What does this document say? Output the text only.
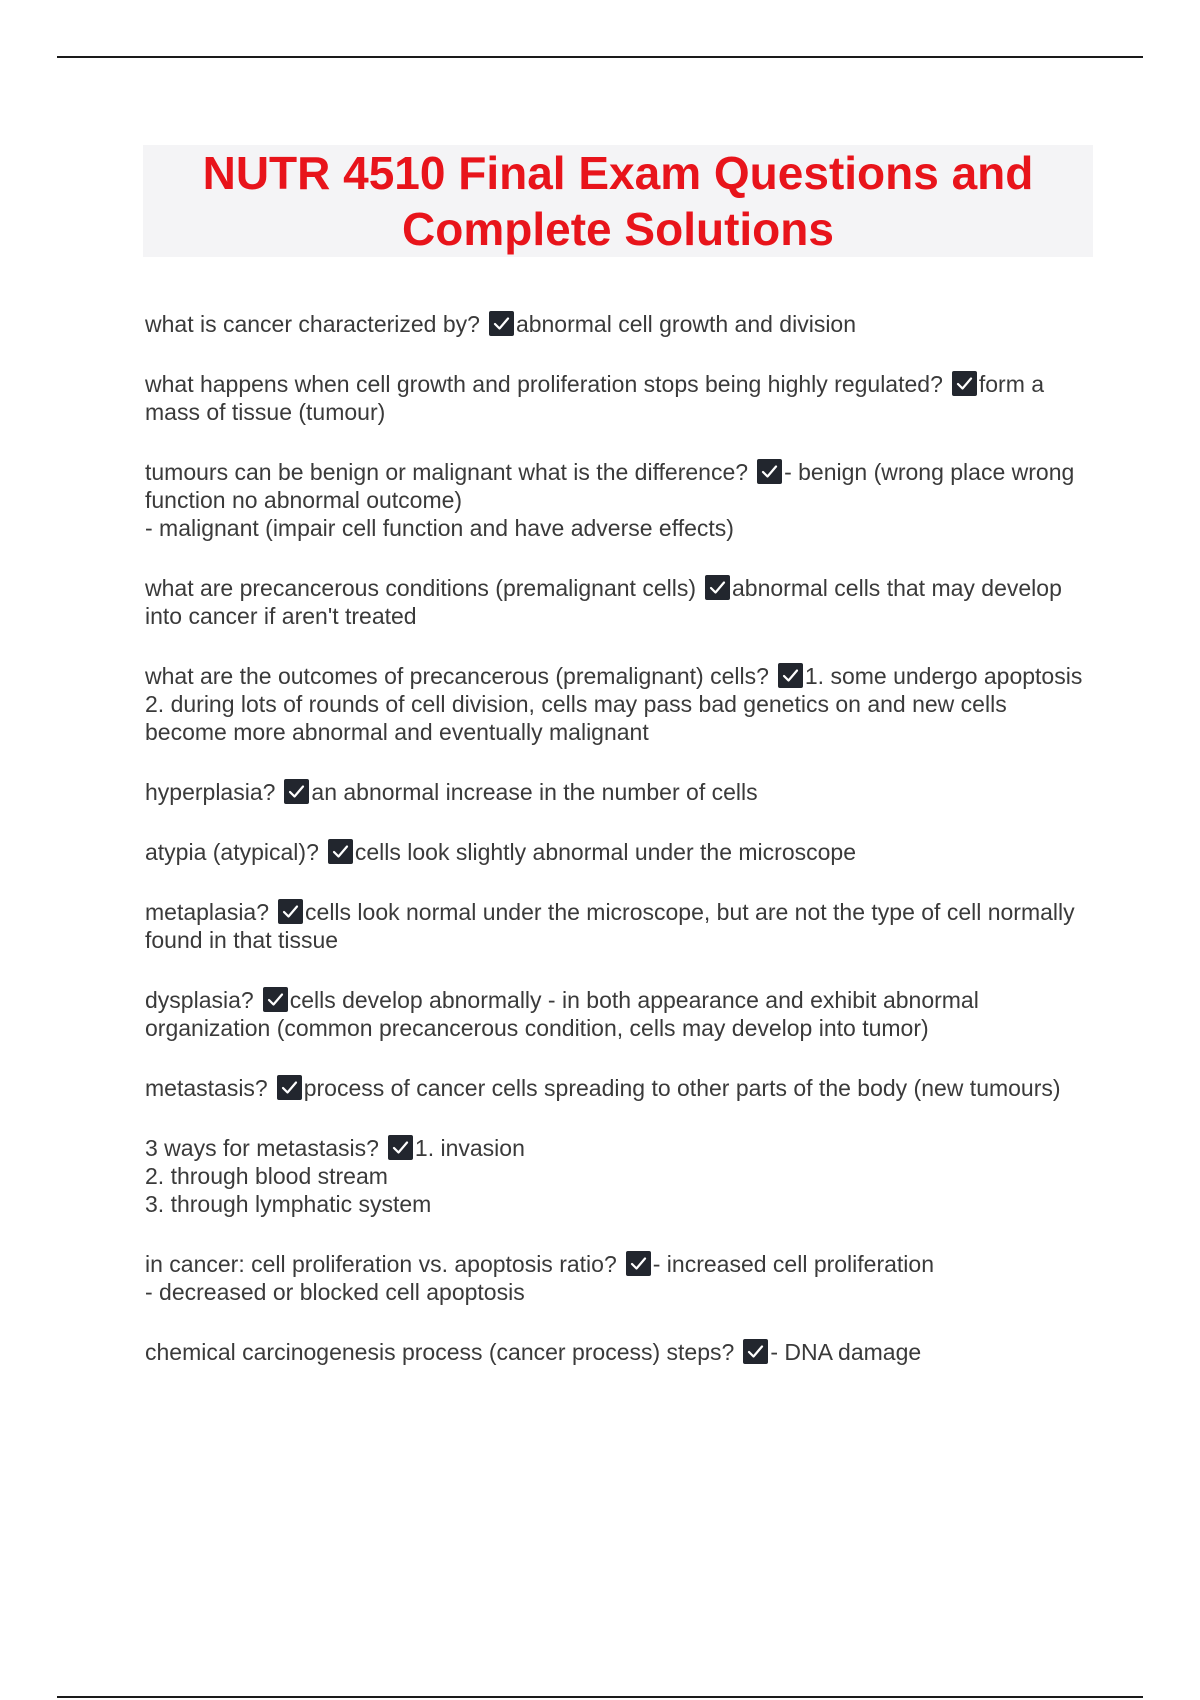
NUTR 4510 Final Exam Questions and Complete Solutions

what is cancer characterized by? abnormal cell growth and division

what happens when cell growth and proliferation stops being highly regulated? form a mass of tissue (tumour)

tumours can be benign or malignant what is the difference? - benign (wrong place wrong function no abnormal outcome)
- malignant (impair cell function and have adverse effects)

what are precancerous conditions (premalignant cells) abnormal cells that may develop into cancer if aren't treated

what are the outcomes of precancerous (premalignant) cells? 1. some undergo apoptosis
2. during lots of rounds of cell division, cells may pass bad genetics on and new cells become more abnormal and eventually malignant

hyperplasia? an abnormal increase in the number of cells

atypia (atypical)? cells look slightly abnormal under the microscope

metaplasia? cells look normal under the microscope, but are not the type of cell normally found in that tissue

dysplasia? cells develop abnormally - in both appearance and exhibit abnormal organization (common precancerous condition, cells may develop into tumor)

metastasis? process of cancer cells spreading to other parts of the body (new tumours)

3 ways for metastasis? 1. invasion
2. through blood stream
3. through lymphatic system

in cancer: cell proliferation vs. apoptosis ratio? - increased cell proliferation
- decreased or blocked cell apoptosis

chemical carcinogenesis process (cancer process) steps? - DNA damage
